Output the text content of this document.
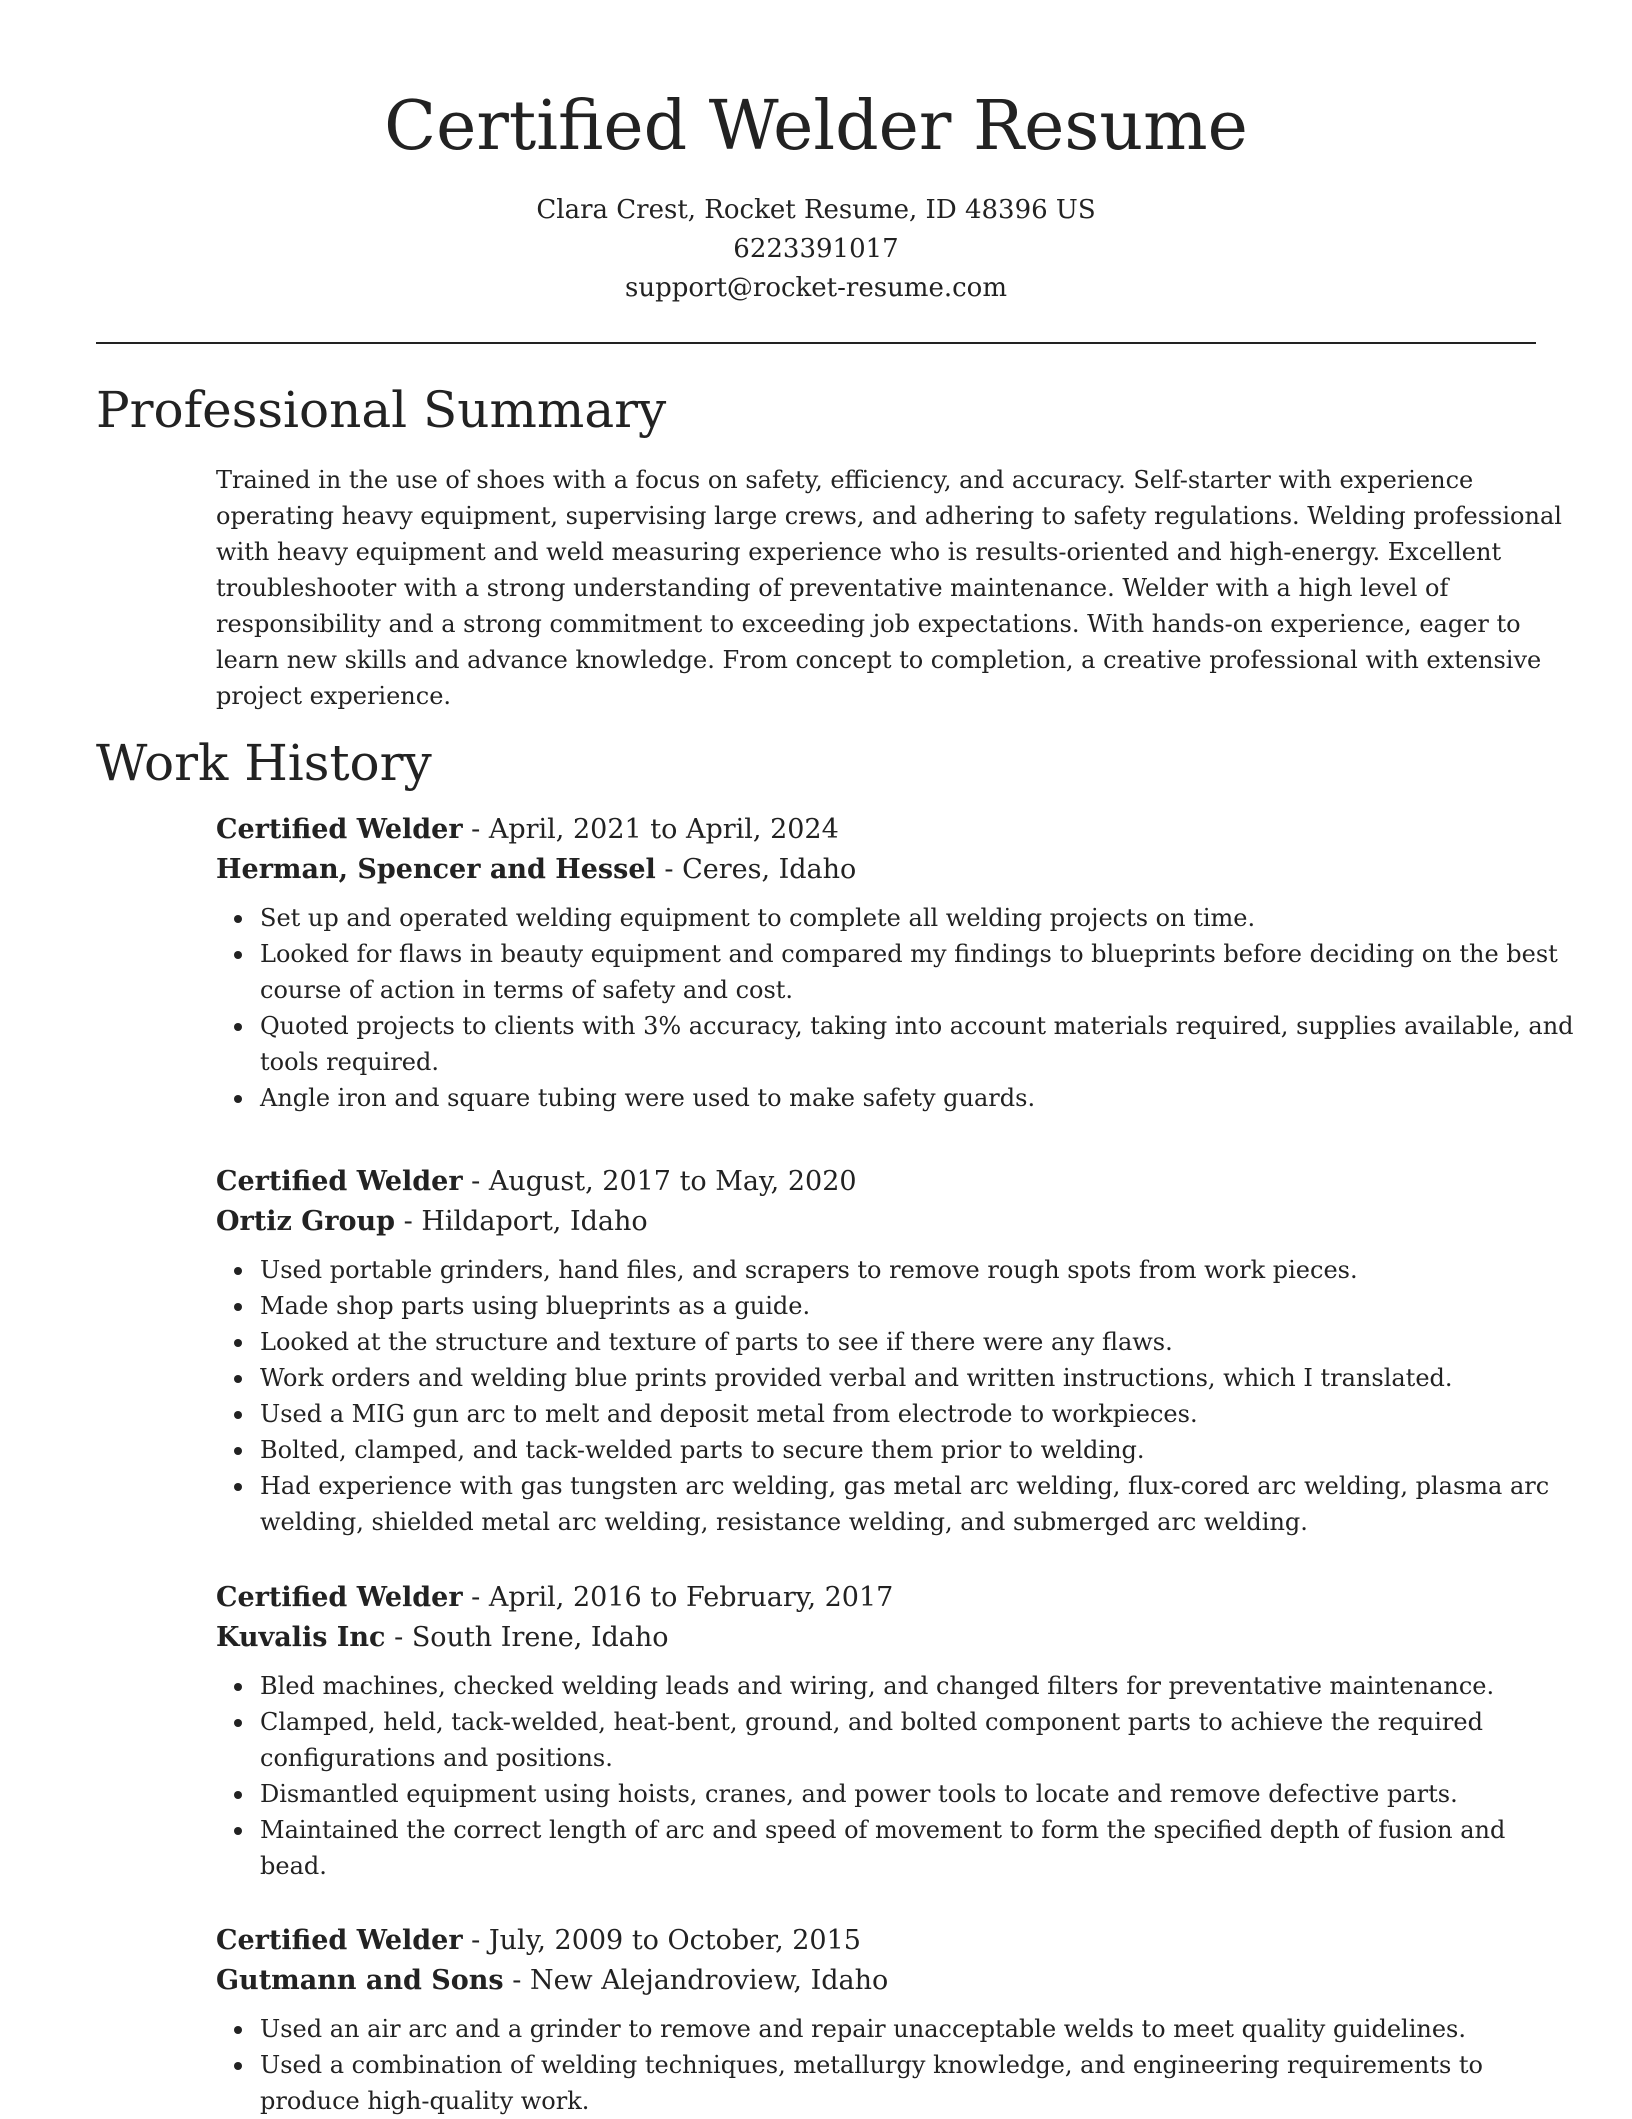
Certified Welder Resume
Clara Crest, Rocket Resume, ID 48396 US
6223391017
support@rocket-resume.com
Professional Summary

Trained in the use of shoes with a focus on safety, efficiency, and accuracy. Self-starter with experience
operating heavy equipment, supervising large crews, and adhering to safety regulations. Welding professional
with heavy equipment and weld measuring experience who is results-oriented and high-energy. Excellent
troubleshooter with a strong understanding of preventative maintenance. Welder with a high level of
responsibility and a strong commitment to exceeding job expectations. With hands-on experience, eager to
learn new skills and advance knowledge. From concept to completion, a creative professional with extensive
project experience.

Work History
Certified Welder - April, 2021 to April, 2024
Herman, Spencer and Hessel - Ceres, Idaho
Set up and operated welding equipment to complete all welding projects on time.
Looked for flaws in beauty equipment and compared my findings to blueprints before deciding on the best
course of action in terms of safety and cost.
Quoted projects to clients with 3% accuracy, taking into account materials required, supplies available, and
tools required.
Angle iron and square tubing were used to make safety guards.
Certified Welder - August, 2017 to May, 2020
Ortiz Group - Hildaport, Idaho
Used portable grinders, hand files, and scrapers to remove rough spots from work pieces.
Made shop parts using blueprints as a guide.
Looked at the structure and texture of parts to see if there were any flaws.
Work orders and welding blue prints provided verbal and written instructions, which I translated.
Used a MIG gun arc to melt and deposit metal from electrode to workpieces.
Bolted, clamped, and tack-welded parts to secure them prior to welding.
Had experience with gas tungsten arc welding, gas metal arc welding, flux-cored arc welding, plasma arc
welding, shielded metal arc welding, resistance welding, and submerged arc welding.
Certified Welder - April, 2016 to February, 2017
Kuvalis Inc - South Irene, Idaho
Bled machines, checked welding leads and wiring, and changed filters for preventative maintenance.
Clamped, held, tack-welded, heat-bent, ground, and bolted component parts to achieve the required
configurations and positions.
Dismantled equipment using hoists, cranes, and power tools to locate and remove defective parts.
Maintained the correct length of arc and speed of movement to form the specified depth of fusion and
bead.
Certified Welder - July, 2009 to October, 2015
Gutmann and Sons - New Alejandroview, Idaho
Used an air arc and a grinder to remove and repair unacceptable welds to meet quality guidelines.
Used a combination of welding techniques, metallurgy knowledge, and engineering requirements to
produce high-quality work.
